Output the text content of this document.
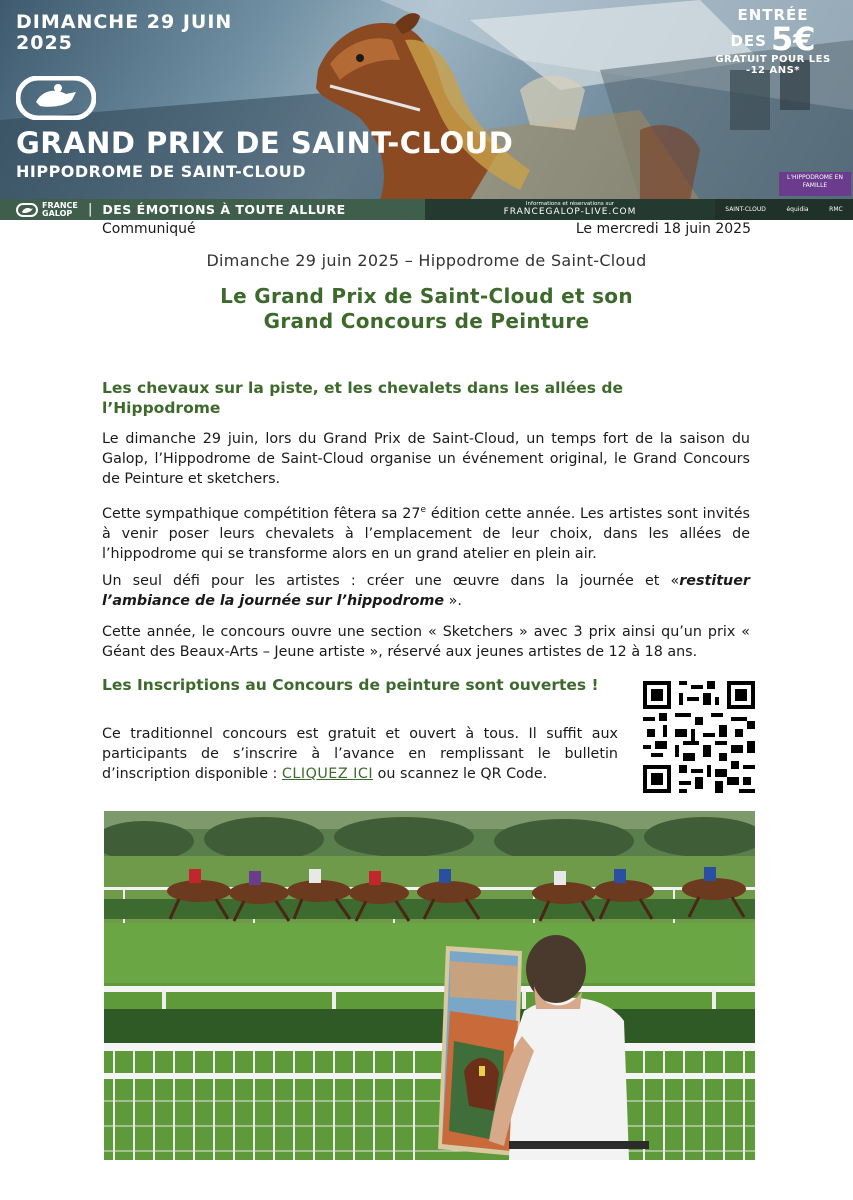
DIMANCHE 29 JUIN 2025
ENTRÉE
DES 5€
GRATUIT POUR LES -12 ANS*
GRAND PRIX DE SAINT-CLOUD
HIPPODROME DE SAINT-CLOUD	L'HIPPODROME EN FAMILLE
FRANCE GALOP	| DES ÉMOTIONS À TOUTE ALLURE	Informations et réservations sur
FRANCEGALOP-LIVE.COM	SAINT-CLOUD	équidia	RMC
Communiqué	Le mercredi 18 juin 2025
Dimanche 29 juin 2025 – Hippodrome de Saint-Cloud
Le Grand Prix de Saint-Cloud et son
Grand Concours de Peinture
Les chevaux sur la piste, et les chevalets dans les allées de l’Hippodrome

Le dimanche 29 juin, lors du Grand Prix de Saint-Cloud, un temps fort de la saison du Galop, l’Hippodrome de Saint-Cloud organise un événement original, le Grand Concours de Peinture et sketchers.

Cette sympathique compétition fêtera sa 27e édition cette année. Les artistes sont invités à venir poser leurs chevalets à l’emplacement de leur choix, dans les allées de l’hippodrome qui se transforme alors en un grand atelier en plein air.

Un seul défi pour les artistes : créer une œuvre dans la journée et «restituer l’ambiance de la journée sur l’hippodrome ».

Cette année, le concours ouvre une section « Sketchers » avec 3 prix ainsi qu’un prix « Géant des Beaux-Arts – Jeune artiste », réservé aux jeunes artistes de 12 à 18 ans.

Les Inscriptions au Concours de peinture sont ouvertes !

Ce traditionnel concours est gratuit et ouvert à tous. Il suffit aux participants de s’inscrire à l’avance en remplissant le bulletin d’inscription disponible : CLIQUEZ ICI ou scannez le QR Code.
